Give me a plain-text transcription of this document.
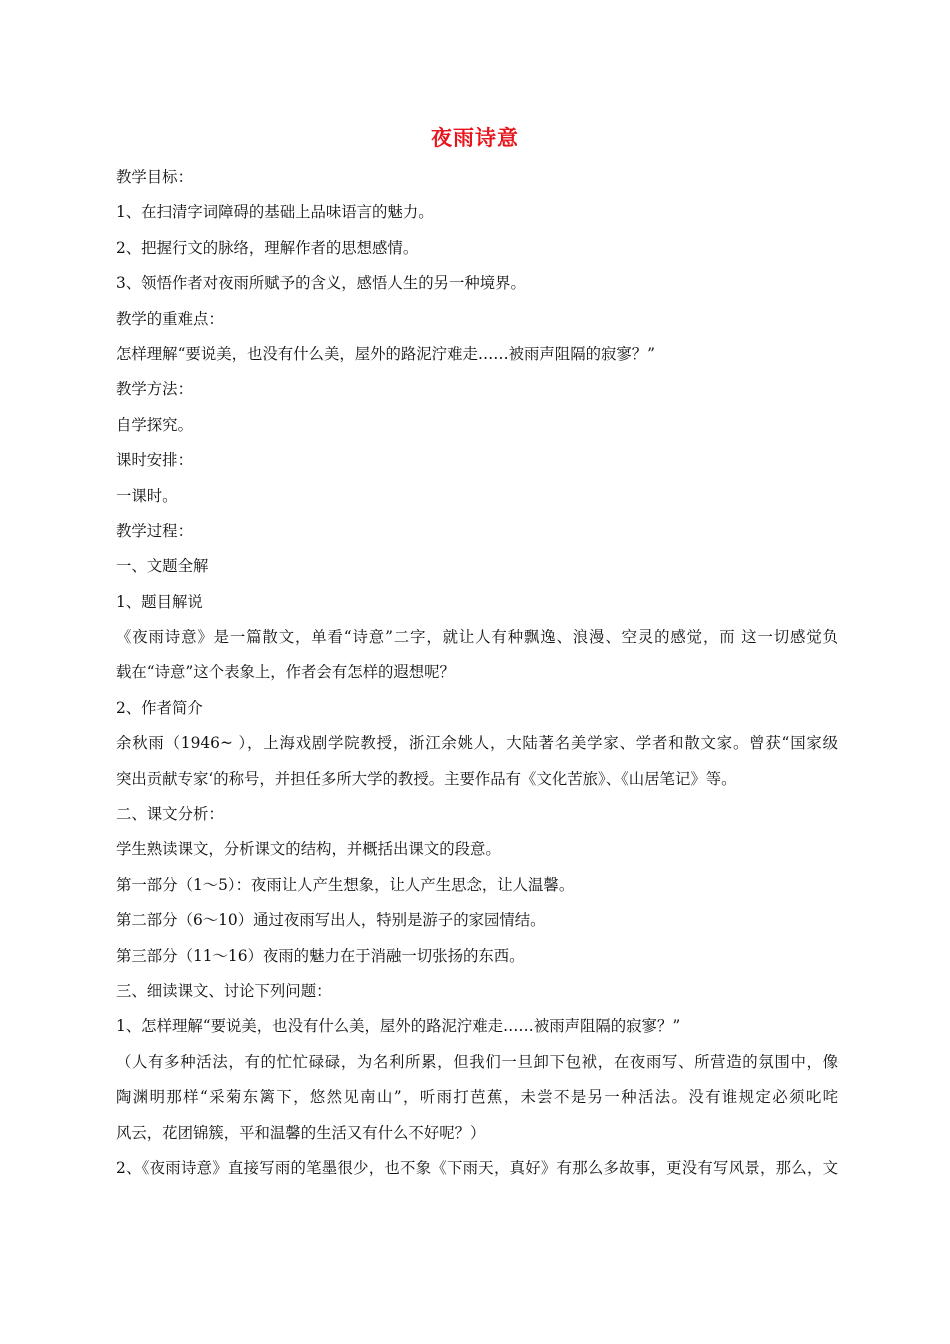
夜雨诗意
教学目标：
1、在扫清字词障碍的基础上品味语言的魅力。
2、把握行文的脉络，理解作者的思想感情。
3、领悟作者对夜雨所赋予的含义，感悟人生的另一种境界。
教学的重难点：
怎样理解“要说美，也没有什么美，屋外的路泥泞难走……被雨声阻隔的寂寥？”
教学方法：
自学探究。
课时安排：
一课时。
教学过程：
一、文题全解
1、题目解说
《夜雨诗意》是一篇散文，单看“诗意”二字，就让人有种飘逸、浪漫、空灵的感觉，而 这一切感觉负
载在“诗意”这个表象上，作者会有怎样的遐想呢？
2、作者简介
余秋雨（1946~ ），上海戏剧学院教授，浙江余姚人，大陆著名美学家、学者和散文家。曾获“国家级
突出贡献专家‘的称号，并担任多所大学的教授。主要作品有《文化苦旅》、《山居笔记》等。
二、课文分析：
学生熟读课文，分析课文的结构，并概括出课文的段意。
第一部分（1～5）：夜雨让人产生想象，让人产生思念，让人温馨。
第二部分（6～10）通过夜雨写出人，特别是游子的家园情结。
第三部分（11～16）夜雨的魅力在于消融一切张扬的东西。
三、细读课文、讨论下列问题：
1、怎样理解“要说美，也没有什么美，屋外的路泥泞难走……被雨声阻隔的寂寥？”
（人有多种活法，有的忙忙碌碌，为名利所累，但我们一旦卸下包袱，在夜雨写、所营造的氛围中，像
陶渊明那样“采菊东篱下，悠然见南山”，听雨打芭蕉，未尝不是另一种活法。没有谁规定必须叱咤
风云，花团锦簇，平和温馨的生活又有什么不好呢？）
2、《夜雨诗意》直接写雨的笔墨很少，也不象《下雨天，真好》有那么多故事，更没有写风景，那么，文
